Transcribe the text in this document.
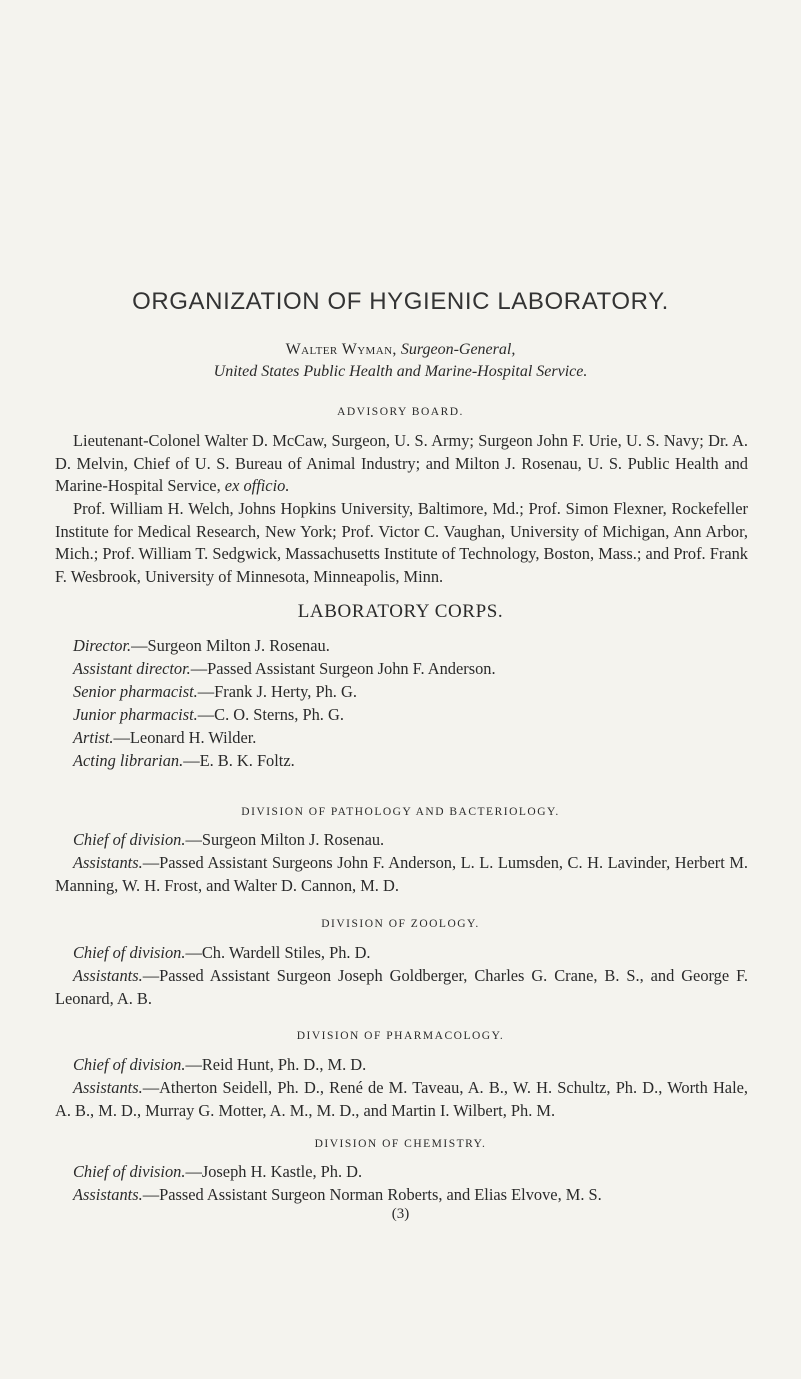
ORGANIZATION OF HYGIENIC LABORATORY.
Walter Wyman, Surgeon-General,
United States Public Health and Marine-Hospital Service.
ADVISORY BOARD.
Lieutenant-Colonel Walter D. McCaw, Surgeon, U. S. Army; Surgeon John F. Urie, U. S. Navy; Dr. A. D. Melvin, Chief of U. S. Bureau of Animal Industry; and Milton J. Rosenau, U. S. Public Health and Marine-Hospital Service, ex officio.
Prof. William H. Welch, Johns Hopkins University, Baltimore, Md.; Prof. Simon Flexner, Rockefeller Institute for Medical Research, New York; Prof. Victor C. Vaughan, University of Michigan, Ann Arbor, Mich.; Prof. William T. Sedgwick, Massachusetts Institute of Technology, Boston, Mass.; and Prof. Frank F. Wesbrook, University of Minnesota, Minneapolis, Minn.
LABORATORY CORPS.
Director.—Surgeon Milton J. Rosenau.
Assistant director.—Passed Assistant Surgeon John F. Anderson.
Senior pharmacist.—Frank J. Herty, Ph. G.
Junior pharmacist.—C. O. Sterns, Ph. G.
Artist.—Leonard H. Wilder.
Acting librarian.—E. B. K. Foltz.
DIVISION OF PATHOLOGY AND BACTERIOLOGY.
Chief of division.—Surgeon Milton J. Rosenau.
Assistants.—Passed Assistant Surgeons John F. Anderson, L. L. Lumsden, C. H. Lavinder, Herbert M. Manning, W. H. Frost, and Walter D. Cannon, M. D.
DIVISION OF ZOOLOGY.
Chief of division.—Ch. Wardell Stiles, Ph. D.
Assistants.—Passed Assistant Surgeon Joseph Goldberger, Charles G. Crane, B. S., and George F. Leonard, A. B.
DIVISION OF PHARMACOLOGY.
Chief of division.—Reid Hunt, Ph. D., M. D.
Assistants.—Atherton Seidell, Ph. D., René de M. Taveau, A. B., W. H. Schultz, Ph. D., Worth Hale, A. B., M. D., Murray G. Motter, A. M., M. D., and Martin I. Wilbert, Ph. M.
DIVISION OF CHEMISTRY.
Chief of division.—Joseph H. Kastle, Ph. D.
Assistants.—Passed Assistant Surgeon Norman Roberts, and Elias Elvove, M. S.
(3)
